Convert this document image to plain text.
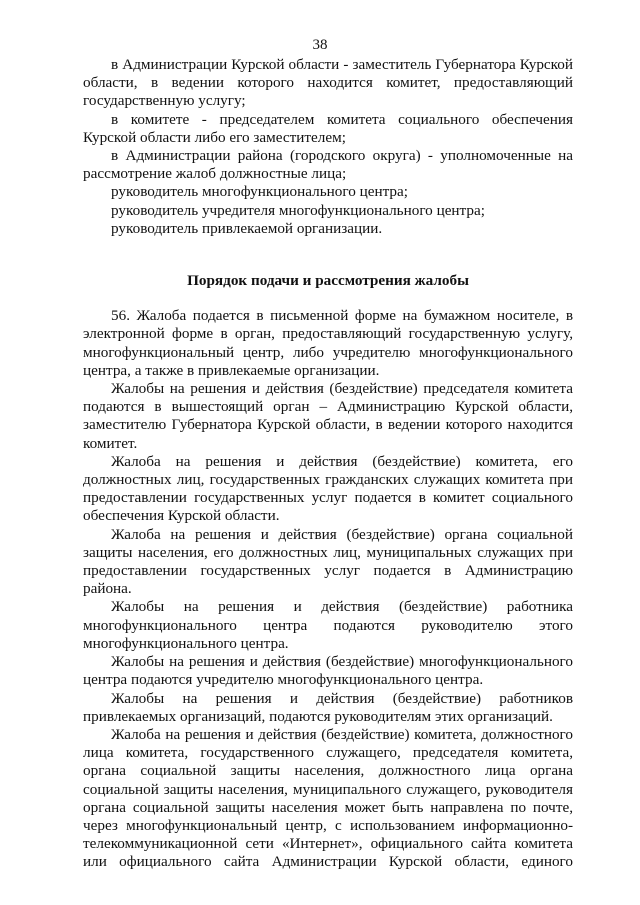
38

в Администрации Курской области - заместитель Губернатора Курской области, в ведении которого находится комитет, предоставляющий государственную услугу;

в комитете - председателем комитета социального обеспечения Курской области либо его заместителем;

в Администрации района (городского округа) - уполномоченные на рассмотрение жалоб должностные лица;

руководитель многофункционального центра;

руководитель учредителя многофункционального центра;

руководитель привлекаемой организации.

Порядок подачи и рассмотрения жалобы

56. Жалоба подается в письменной форме на бумажном носителе, в электронной форме в орган, предоставляющий государственную услугу, многофункциональный центр, либо учредителю многофункционального центра, а также в привлекаемые организации.

Жалобы на решения и действия (бездействие) председателя комитета подаются в вышестоящий орган – Администрацию Курской области, заместителю Губернатора Курской области, в ведении которого находится комитет.

Жалоба на решения и действия (бездействие) комитета, его должностных лиц, государственных гражданских служащих комитета при предоставлении государственных услуг подается в комитет социального обеспечения Курской области.

Жалоба на решения и действия (бездействие) органа социальной защиты населения, его должностных лиц, муниципальных служащих при предоставлении государственных услуг подается в Администрацию района.

Жалобы на решения и действия (бездействие) работника многофункционального центра подаются руководителю этого многофункционального центра.

Жалобы на решения и действия (бездействие) многофункционального центра подаются учредителю многофункционального центра.

Жалобы на решения и действия (бездействие) работников привлекаемых организаций, подаются руководителям этих организаций.

Жалоба на решения и действия (бездействие) комитета, должностного лица комитета, государственного служащего, председателя комитета, органа социальной защиты населения, должностного лица органа социальной защиты населения, муниципального служащего, руководителя органа социальной защиты населения может быть направлена по почте, через многофункциональный центр, с использованием информационно-телекоммуникационной сети «Интернет», официального сайта комитета или официального сайта Администрации Курской области, единого
